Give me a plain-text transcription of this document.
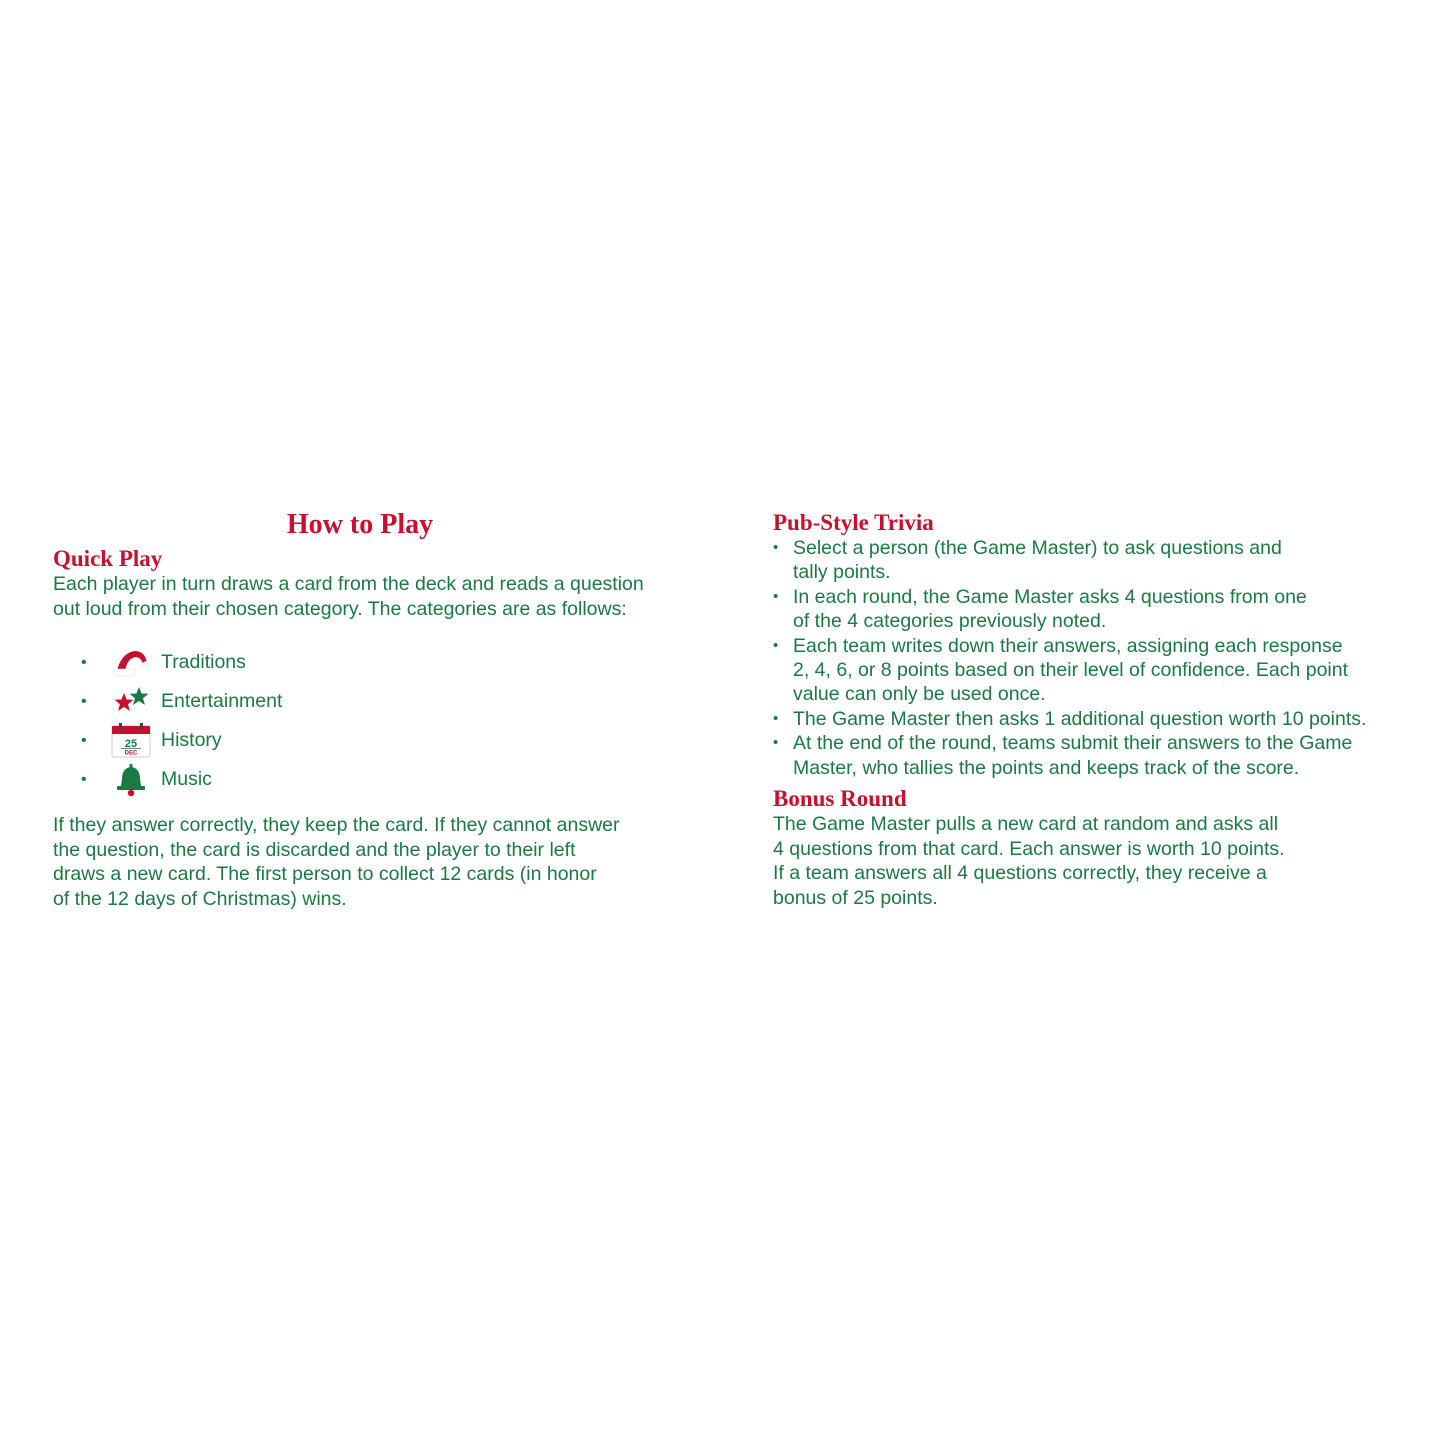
How to Play
Quick Play

Each player in turn draws a card from the deck and reads a question
out loud from their chosen category. The categories are as follows:

•	Traditions
•	Entertainment
•	25
DEC
History
•	Music

If they answer correctly, they keep the card. If they cannot answer
the question, the card is discarded and the player to their left
draws a new card. The first person to collect 12 cards (in honor
of the 12 days of Christmas) wins.

Pub-Style Trivia
• Select a person (the Game Master) to ask questions and
tally points.
• In each round, the Game Master asks 4 questions from one
of the 4 categories previously noted.
• Each team writes down their answers, assigning each response
2, 4, 6, or 8 points based on their level of confidence. Each point
value can only be used once.
• The Game Master then asks 1 additional question worth 10 points.
• At the end of the round, teams submit their answers to the Game
Master, who tallies the points and keeps track of the score.
Bonus Round

The Game Master pulls a new card at random and asks all
4 questions from that card. Each answer is worth 10 points.
If a team answers all 4 questions correctly, they receive a
bonus of 25 points.
